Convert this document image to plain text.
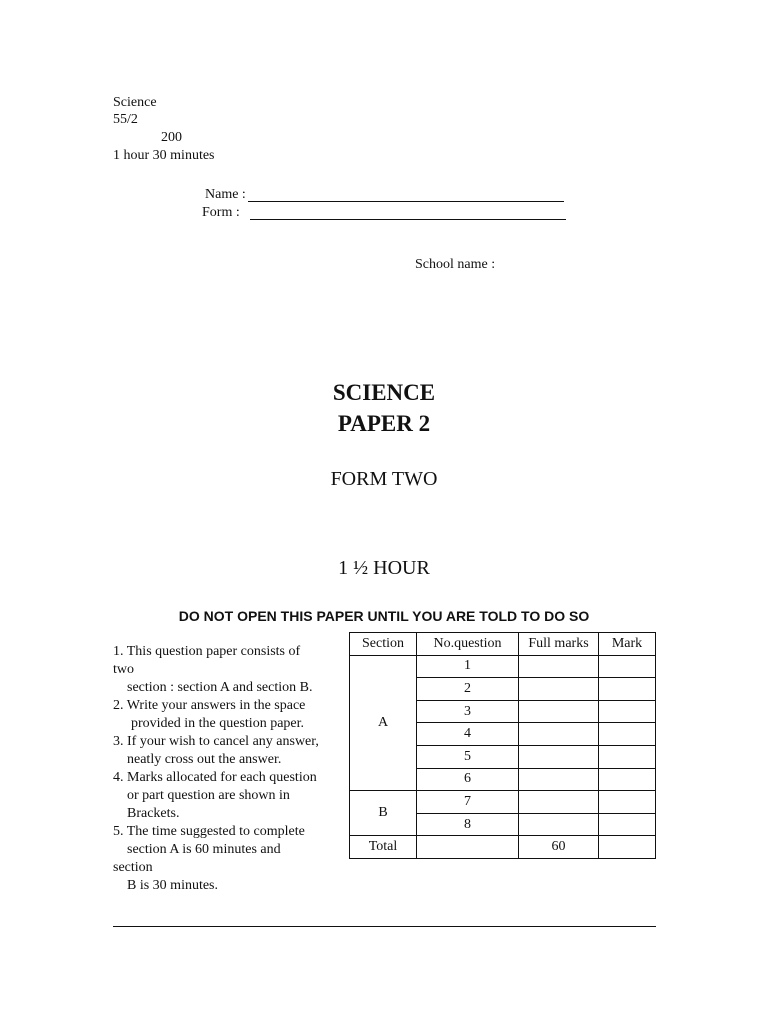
Science
55/2
200
1 hour 30 minutes
Name :
Form :
School name :
SCIENCE
PAPER 2
FORM TWO
1 ½ HOUR
DO NOT OPEN THIS PAPER UNTIL YOU ARE TOLD TO DO SO
1. This question paper consists of
two
section : section A and section B.
2. Write your answers in the space
provided in the question paper.
3. If your wish to cancel any answer,
neatly cross out the answer.
4. Marks allocated for each question
or part question are shown in
Brackets.
5. The time suggested to complete
section A is 60 minutes and
section
B is 30 minutes.
Section	No.question	Full marks	Mark
A	1		
	2		
	3		
	4		
	5		
	6		
B	7		
	8		
Total		60	
